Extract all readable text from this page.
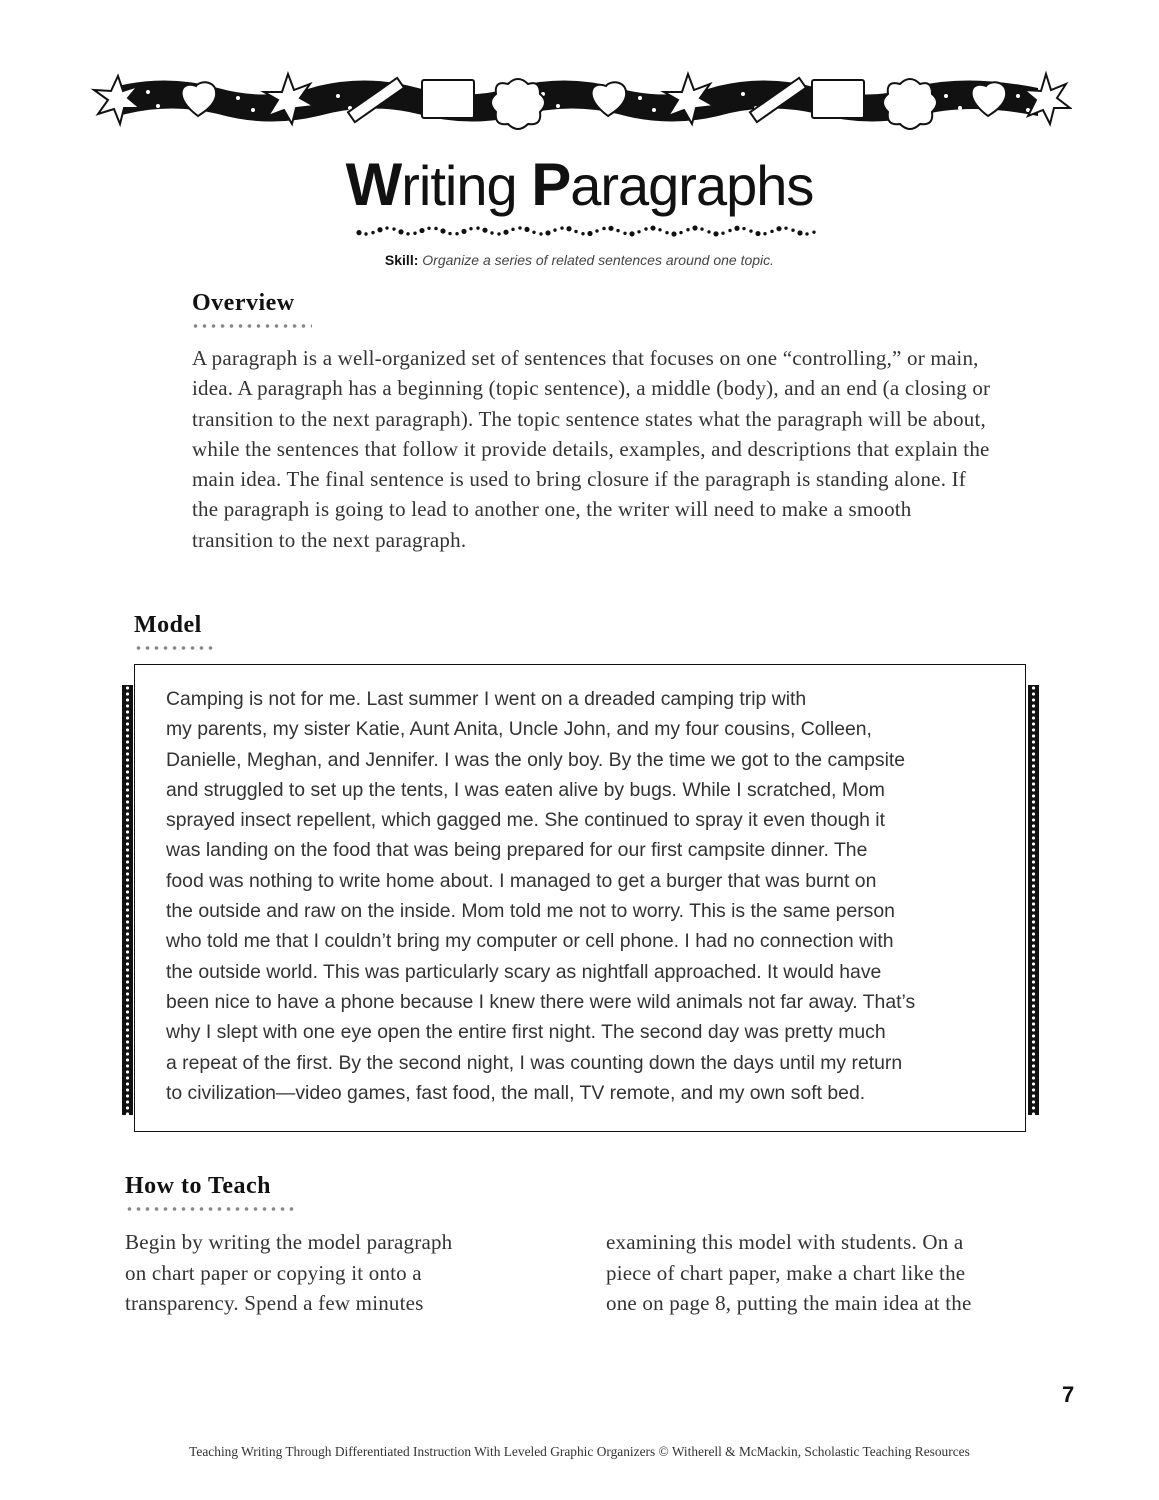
Writing Paragraphs
Skill: Organize a series of related sentences around one topic.
Overview
A paragraph is a well-organized set of sentences that focuses on one “controlling,” or main, idea. A paragraph has a beginning (topic sentence), a middle (body), and an end (a closing or transition to the next paragraph). The topic sentence states what the paragraph will be about, while the sentences that follow it provide details, examples, and descriptions that explain the main idea. The final sentence is used to bring closure if the paragraph is standing alone. If the paragraph is going to lead to another one, the writer will need to make a smooth transition to the next paragraph.
Model
Camping is not for me. Last summer I went on a dreaded camping trip with
my parents, my sister Katie, Aunt Anita, Uncle John, and my four cousins, Colleen,
Danielle, Meghan, and Jennifer. I was the only boy. By the time we got to the campsite
and struggled to set up the tents, I was eaten alive by bugs. While I scratched, Mom
sprayed insect repellent, which gagged me. She continued to spray it even though it
was landing on the food that was being prepared for our first campsite dinner. The
food was nothing to write home about. I managed to get a burger that was burnt on
the outside and raw on the inside. Mom told me not to worry. This is the same person
who told me that I couldn’t bring my computer or cell phone. I had no connection with
the outside world. This was particularly scary as nightfall approached. It would have
been nice to have a phone because I knew there were wild animals not far away. That’s
why I slept with one eye open the entire first night. The second day was pretty much
a repeat of the first. By the second night, I was counting down the days until my return
to civilization—video games, fast food, the mall, TV remote, and my own soft bed.
How to Teach
Begin by writing the model paragraph
on chart paper or copying it onto a
transparency. Spend a few minutes
examining this model with students. On a
piece of chart paper, make a chart like the
one on page 8, putting the main idea at the
7
Teaching Writing Through Differentiated Instruction With Leveled Graphic Organizers © Witherell & McMackin, Scholastic Teaching Resources
